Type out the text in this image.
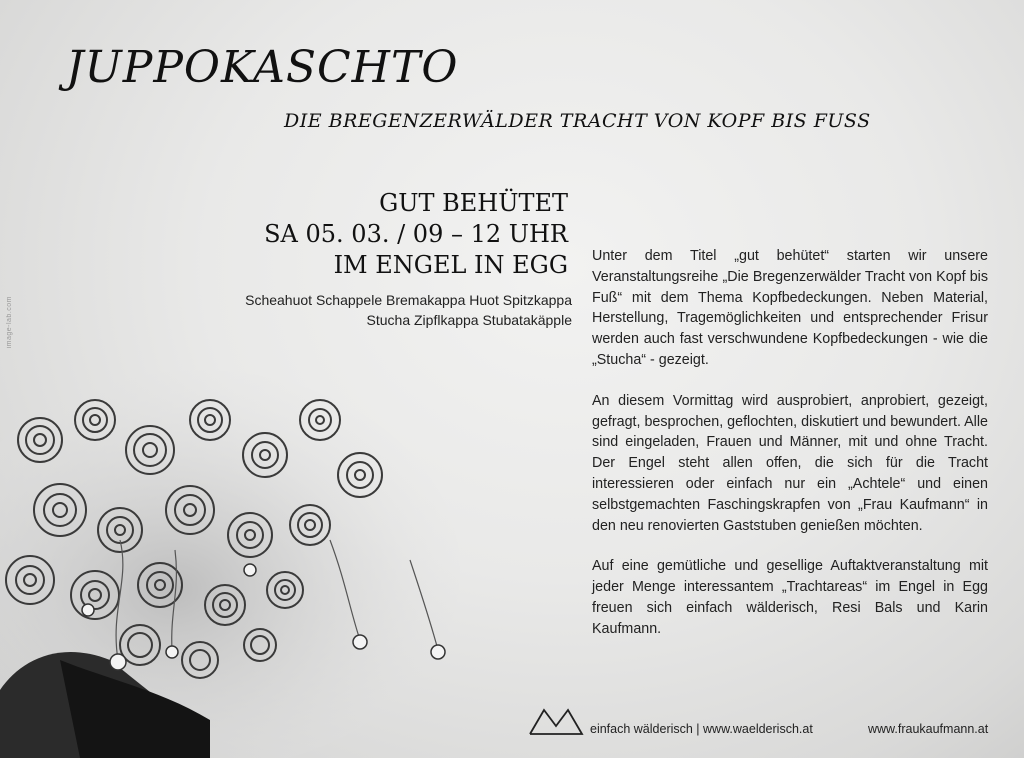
JUPPOKASCHTO
DIE BREGENZERWÄLDER TRACHT VON KOPF BIS FUSS
GUT BEHÜTET
SA 05. 03. / 09 – 12 UHR
IM ENGEL IN EGG
Scheahuot Schappele Bremakappa Huot Spitzkappa
Stucha Zipflkappa Stubatakäpple
image-lab.com

Unter dem Titel „gut behütet“ starten wir unsere Veranstaltungsreihe „Die Bregenzerwälder Tracht von Kopf bis Fuß“ mit dem Thema Kopfbedeckungen. Neben Material, Herstellung, Tragemöglichkeiten und entsprechender Frisur werden auch fast verschwundene Kopfbedeckungen - wie die „Stucha“ - gezeigt.

An diesem Vormittag wird ausprobiert, anprobiert, gezeigt, gefragt, besprochen, geflochten, diskutiert und bewundert. Alle sind eingeladen, Frauen und Männer, mit und ohne Tracht. Der Engel steht allen offen, die sich für die Tracht interessieren oder einfach nur ein „Achtele“ und einen selbstgemachten Faschingskrapfen von „Frau Kaufmann“ in den neu renovierten Gaststuben genießen möchten.

Auf eine gemütliche und gesellige Auftaktveranstaltung mit jeder Menge interessantem „Trachtareas“ im Engel in Egg freuen sich einfach wälderisch, Resi Bals und Karin Kaufmann.

einfach wälderisch | www.waelderisch.at	www.fraukaufmann.at
